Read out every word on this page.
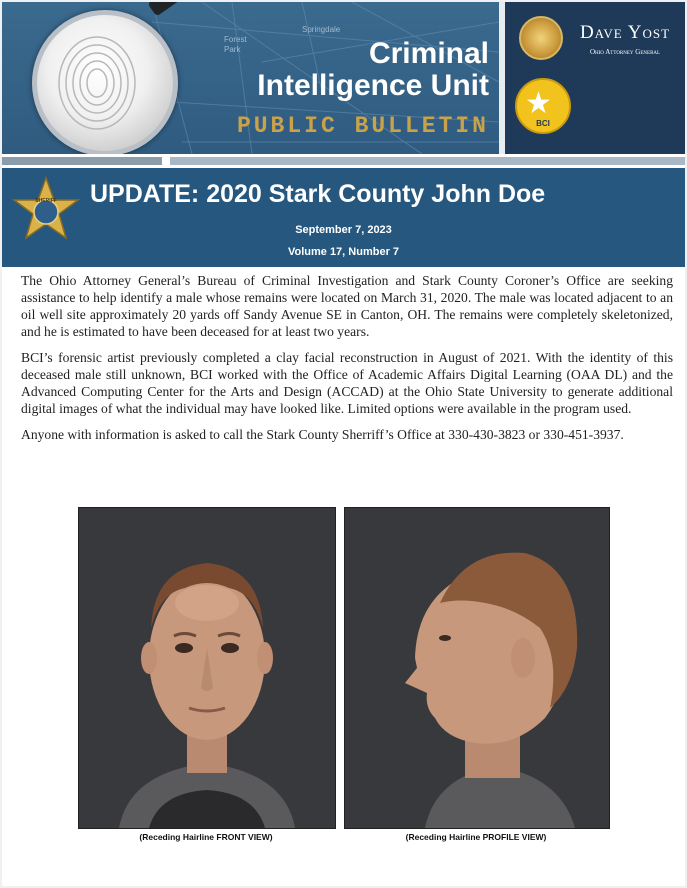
Forest
Park
Springdale
Criminal
Intelligence Unit
PUBLIC BULLETIN
Dave Yost
Ohio Attorney General
★
BCI
SHERIFF UPDATE: 2020 Stark County John Doe
September 7, 2023
Volume 17, Number 7

The Ohio Attorney General’s Bureau of Criminal Investigation and Stark County Coroner’s Office are seeking assistance to help identify a male whose remains were located on March 31, 2020. The male was located adjacent to an oil well site approximately 20 yards off Sandy Avenue SE in Canton, OH. The remains were completely skeletonized, and he is estimated to have been deceased for at least two years.

BCI’s forensic artist previously completed a clay facial reconstruction in August of 2021. With the identity of this deceased male still unknown, BCI worked with the Office of Academic Affairs Digital Learning (OAA DL) and the Advanced Computing Center for the Arts and Design (ACCAD) at the Ohio State University to generate additional digital images of what the individual may have looked like. Limited options were available in the program used.

Anyone with information is asked to call the Stark County Sherriff’s Office at 330-430-3823 or 330-451-3937.

(Receding Hairline FRONT VIEW)	(Receding Hairline PROFILE VIEW)
